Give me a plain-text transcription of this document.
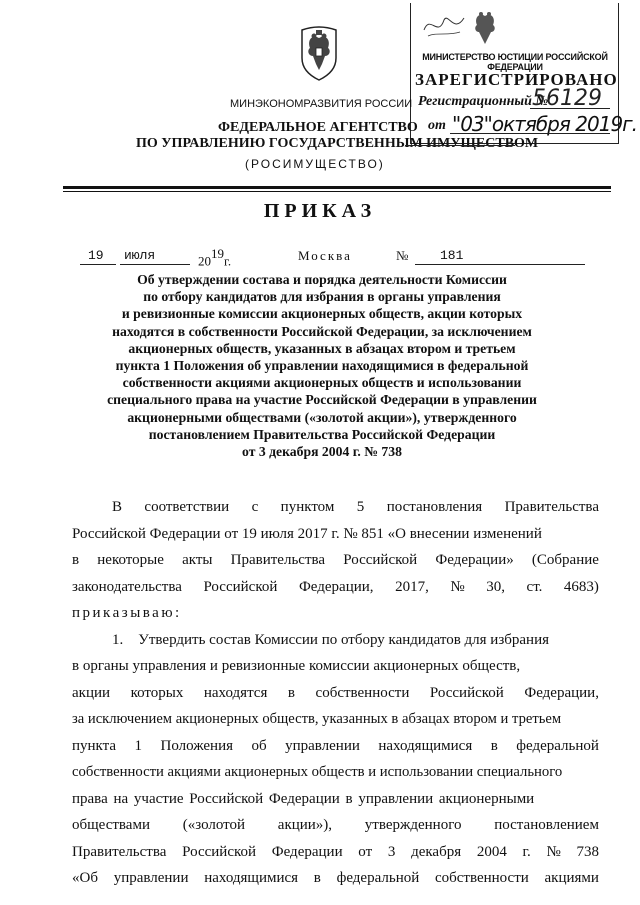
МИНИСТЕРСТВО ЮСТИЦИИ РОССИЙСКОЙ ФЕДЕРАЦИИ
ЗАРЕГИСТРИРОВАНО
Регистрационный №
56129
от "03"октября 2019г.
МИНЭКОНОМРАЗВИТИЯ РОССИИ
ФЕДЕРАЛЬНОЕ АГЕНТСТВО
ПО УПРАВЛЕНИЮ ГОСУДАРСТВЕННЫМ ИМУЩЕСТВОМ
(РОСИМУЩЕСТВО)
ПРИКАЗ
19 июля	$20^{19}г$.	Москва	№ 181
Об утверждении состава и порядка деятельности Комиссии
по отбору кандидатов для избрания в органы управления
и ревизионные комиссии акционерных обществ, акции которых
находятся в собственности Российской Федерации, за исключением
акционерных обществ, указанных в абзацах втором и третьем
пункта 1 Положения об управлении находящимися в федеральной
собственности акциями акционерных обществ и использовании
специального права на участие Российской Федерации в управлении
акционерными обществами («золотой акции»), утвержденного
постановлением Правительства Российской Федерации
от 3 декабря 2004 г. № 738
В соответствии с пунктом 5 постановления Правительства
Российской Федерации от 19 июля 2017 г. № 851 «О внесении изменений
в некоторые акты Правительства Российской Федерации» (Собрание
законодательства Российской Федерации, 2017, № 30, ст. 4683)
приказываю:
1.    Утвердить состав Комиссии по отбору кандидатов для избрания
в органы управления и ревизионные комиссии акционерных обществ,
акции которых находятся в собственности Российской Федерации,
за исключением акционерных обществ, указанных в абзацах втором и третьем
пункта 1 Положения об управлении находящимися в федеральной
собственности акциями акционерных обществ и использовании специального
права на участие Российской Федерации в управлении акционерными
обществами («золотой акции»), утвержденного постановлением
Правительства Российской Федерации от 3 декабря 2004 г. № 738
«Об управлении находящимися в федеральной собственности акциями
